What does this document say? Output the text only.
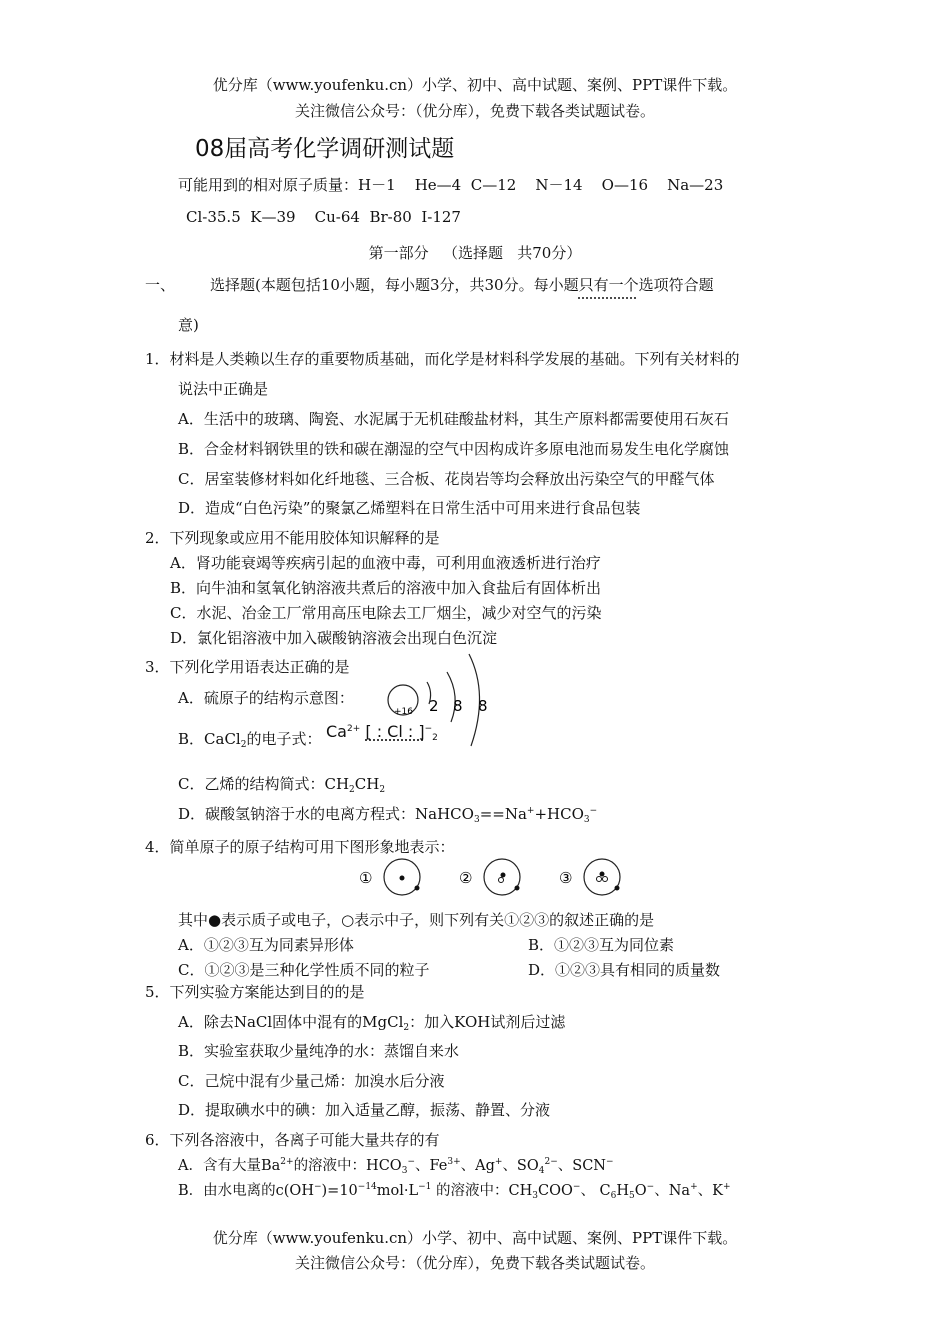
优分库（www.youfenku.cn）小学、初中、高中试题、案例、PPT课件下载。
关注微信公众号：（优分库），免费下载各类试题试卷。
08届高考化学调研测试题
可能用到的相对原子质量：H－1    He—4  C—12    N－14    O—16    Na—23
Cl-35.5  K—39    Cu-64  Br-80  I-127
第一部分   （选择题   共70分）
一、 选择题(本题包括10小题，每小题3分，共30分。每小题只有一个选项符合题
意)
1．材料是人类赖以生存的重要物质基础，而化学是材料科学发展的基础。下列有关材料的
说法中正确是
A．生活中的玻璃、陶瓷、水泥属于无机硅酸盐材料，其生产原料都需要使用石灰石
B．合金材料钢铁里的铁和碳在潮湿的空气中因构成许多原电池而易发生电化学腐蚀
C．居室装修材料如化纤地毯、三合板、花岗岩等均会释放出污染空气的甲醛气体
D．造成“白色污染”的聚氯乙烯塑料在日常生活中可用来进行食品包装
2．下列现象或应用不能用胶体知识解释的是
A．肾功能衰竭等疾病引起的血液中毒，可利用血液透析进行治疗
B．向牛油和氢氧化钠溶液共煮后的溶液中加入食盐后有固体析出
C．水泥、冶金工厂常用高压电除去工厂烟尘，减少对空气的污染
D．氯化铝溶液中加入碳酸钠溶液会出现白色沉淀
3．下列化学用语表达正确的是
A．硫原子的结构示意图：
+16 2 8 8
B．CaCl$_2$的电子式： $Ca^{2+}$ [ : Cl : ]$^-_2$
C．乙烯的结构简式：$CH_2CH_2$
D．碳酸氢钠溶于水的电离方程式：$NaHCO_3==Na^++HCO_3^-$
4．简单原子的原子结构可用下图形象地表示：
①	②	③
其中●表示质子或电子，○表示中子，则下列有关①②③的叙述正确的是
A．①②③互为同素异形体	B．①②③互为同位素
C．①②③是三种化学性质不同的粒子	D．①②③具有相同的质量数
5．下列实验方案能达到目的的是
A．除去NaCl固体中混有的MgCl$_2$：加入KOH试剂后过滤
B．实验室获取少量纯净的水：蒸馏自来水
C．己烷中混有少量己烯：加溴水后分液
D．提取碘水中的碘：加入适量乙醇，振荡、静置、分液
6．下列各溶液中，各离子可能大量共存的有
A．含有大量$Ba^{2+}$的溶液中：$HCO_3^-$、$Fe^{3+}$、Ag+、$SO_4^{2-}$、SCN−
B．由水电离的$c(OH^-)=10^{-14}mol\cdot L^{-1}$ 的溶液中：$CH_3COO^-$、 $C_6H_5O^-$、Na+、K+
优分库（www.youfenku.cn）小学、初中、高中试题、案例、PPT课件下载。
关注微信公众号：（优分库），免费下载各类试题试卷。
